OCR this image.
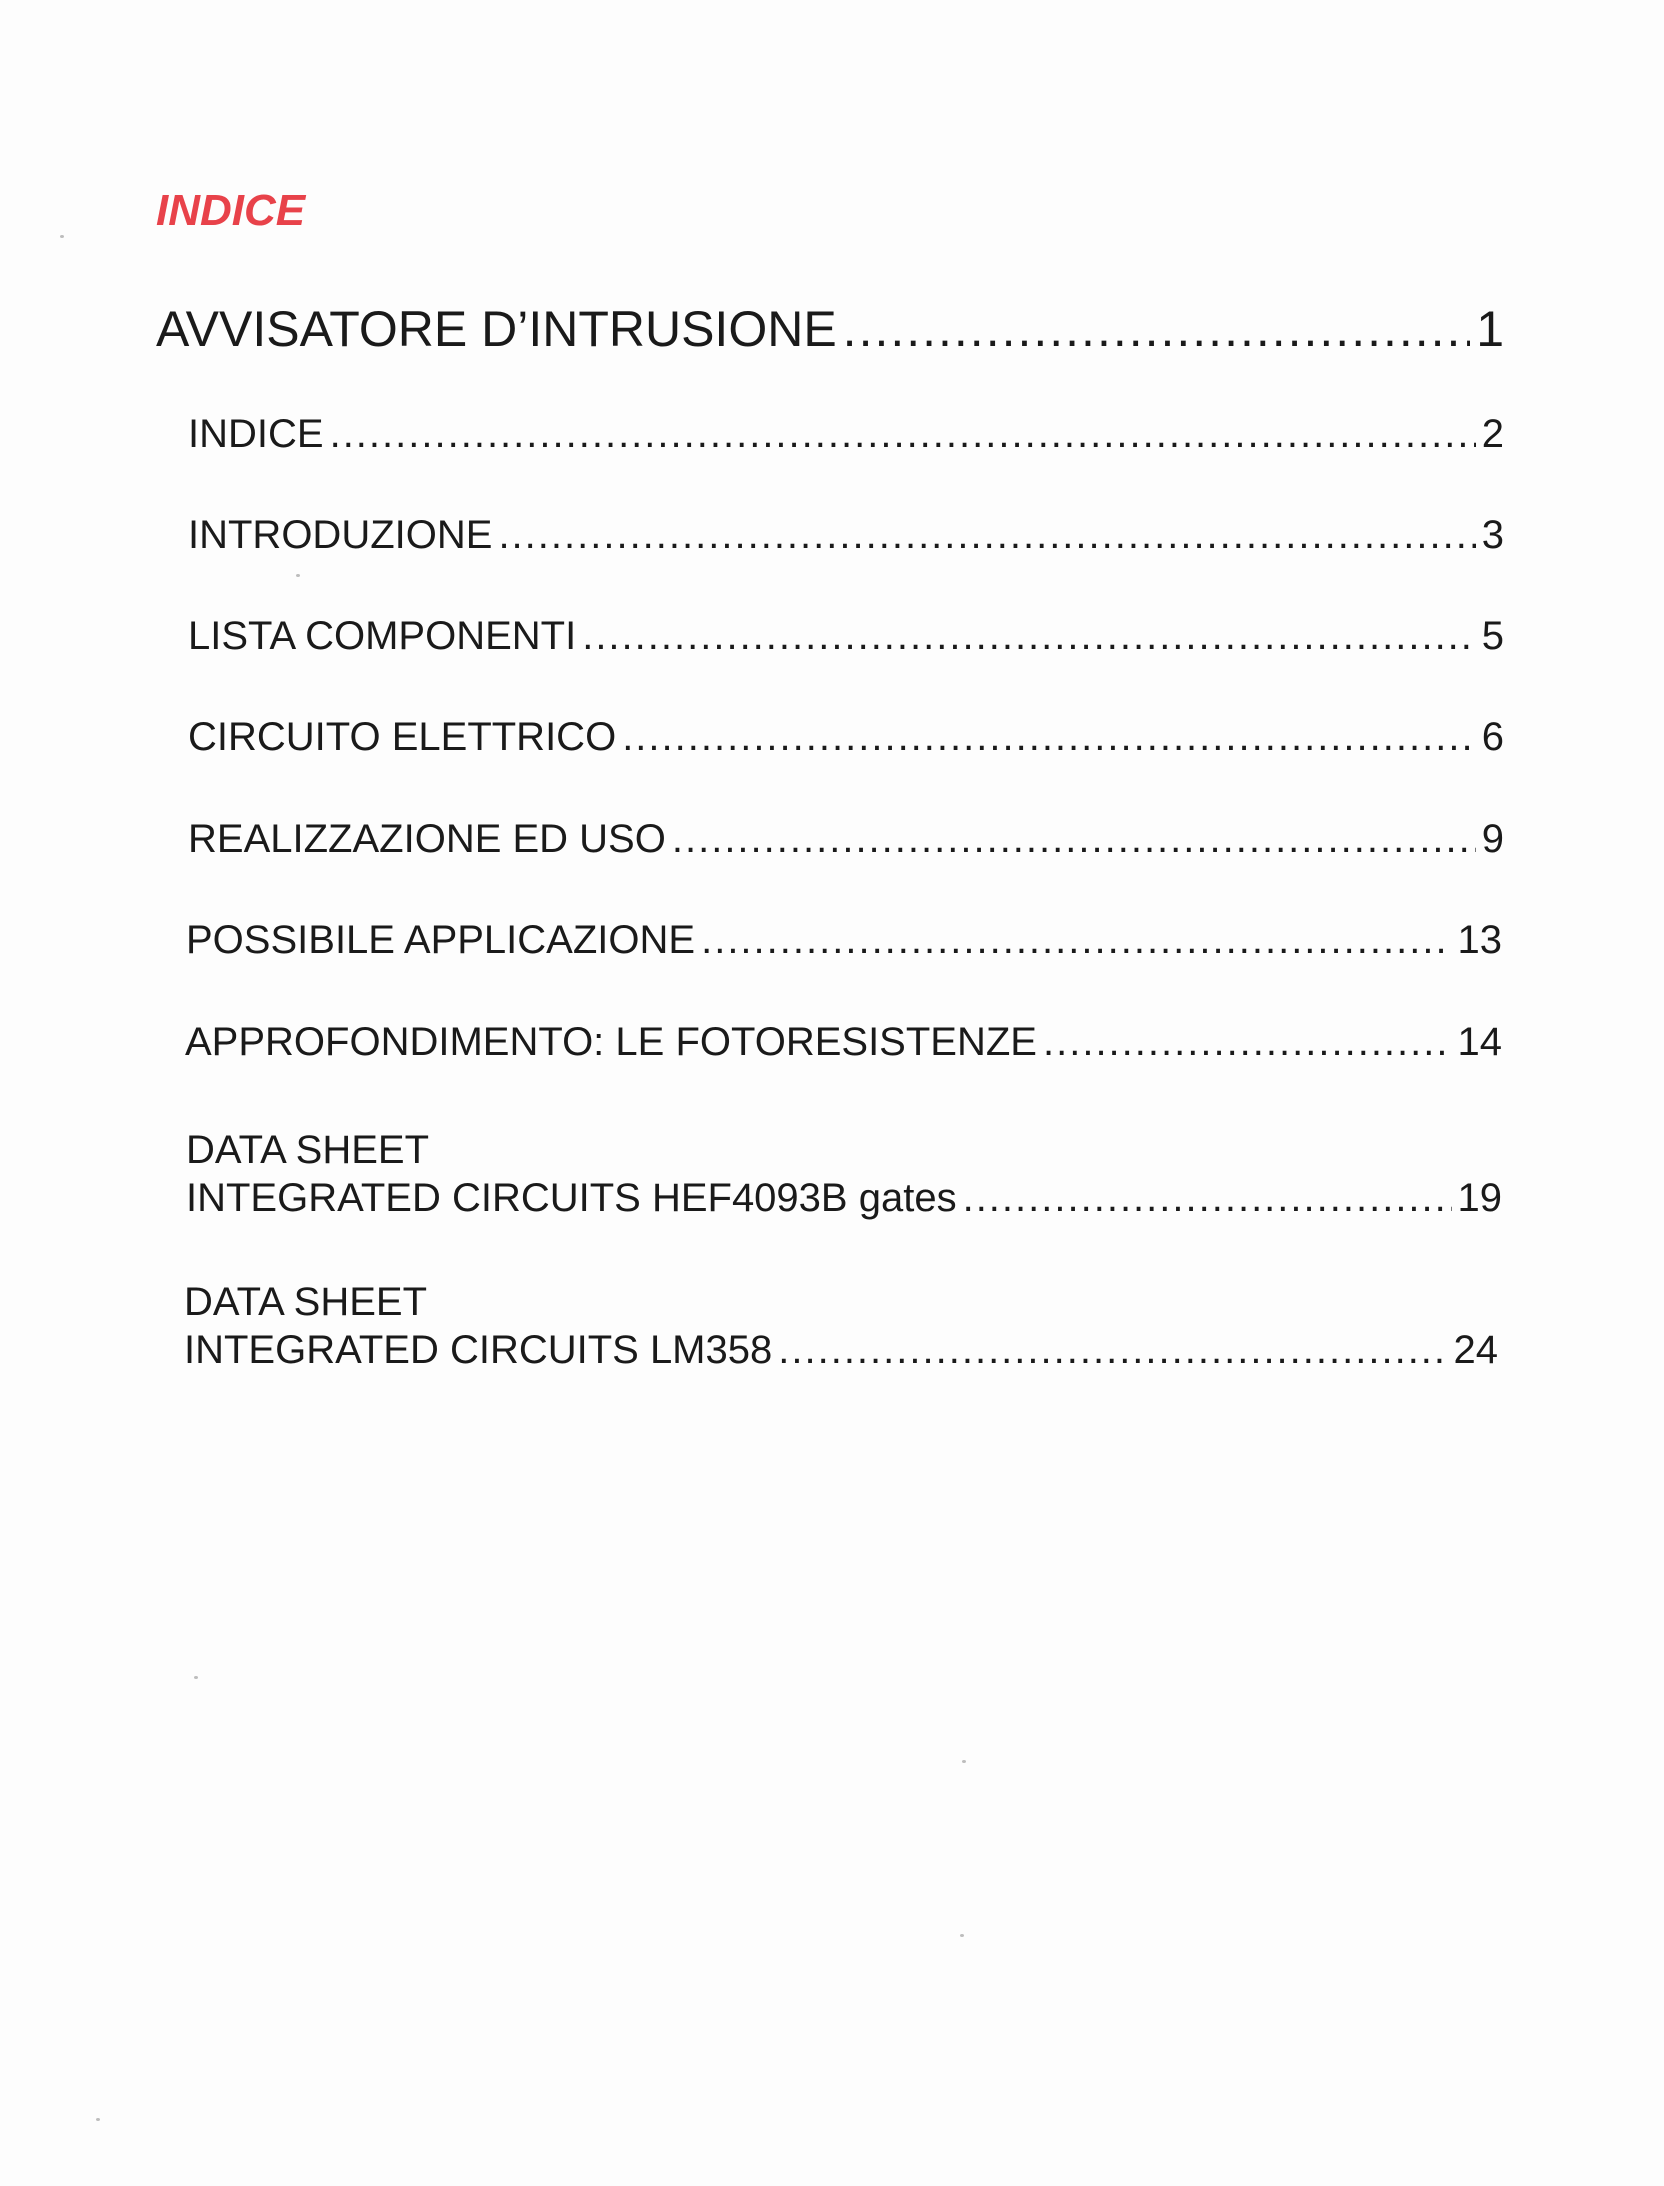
INDICE
AVVISATORE D’INTRUSIONE .....	1
INDICE .....	2
INTRODUZIONE .....	3
LISTA COMPONENTI .....	5
CIRCUITO ELETTRICO .....	6
REALIZZAZIONE ED USO .....	9
POSSIBILE APPLICAZIONE .....	13
APPROFONDIMENTO: LE FOTORESISTENZE .....	14
DATA SHEET
INTEGRATED CIRCUITS HEF4093B gates .....	19
DATA SHEET
INTEGRATED CIRCUITS LM358 .....	24
